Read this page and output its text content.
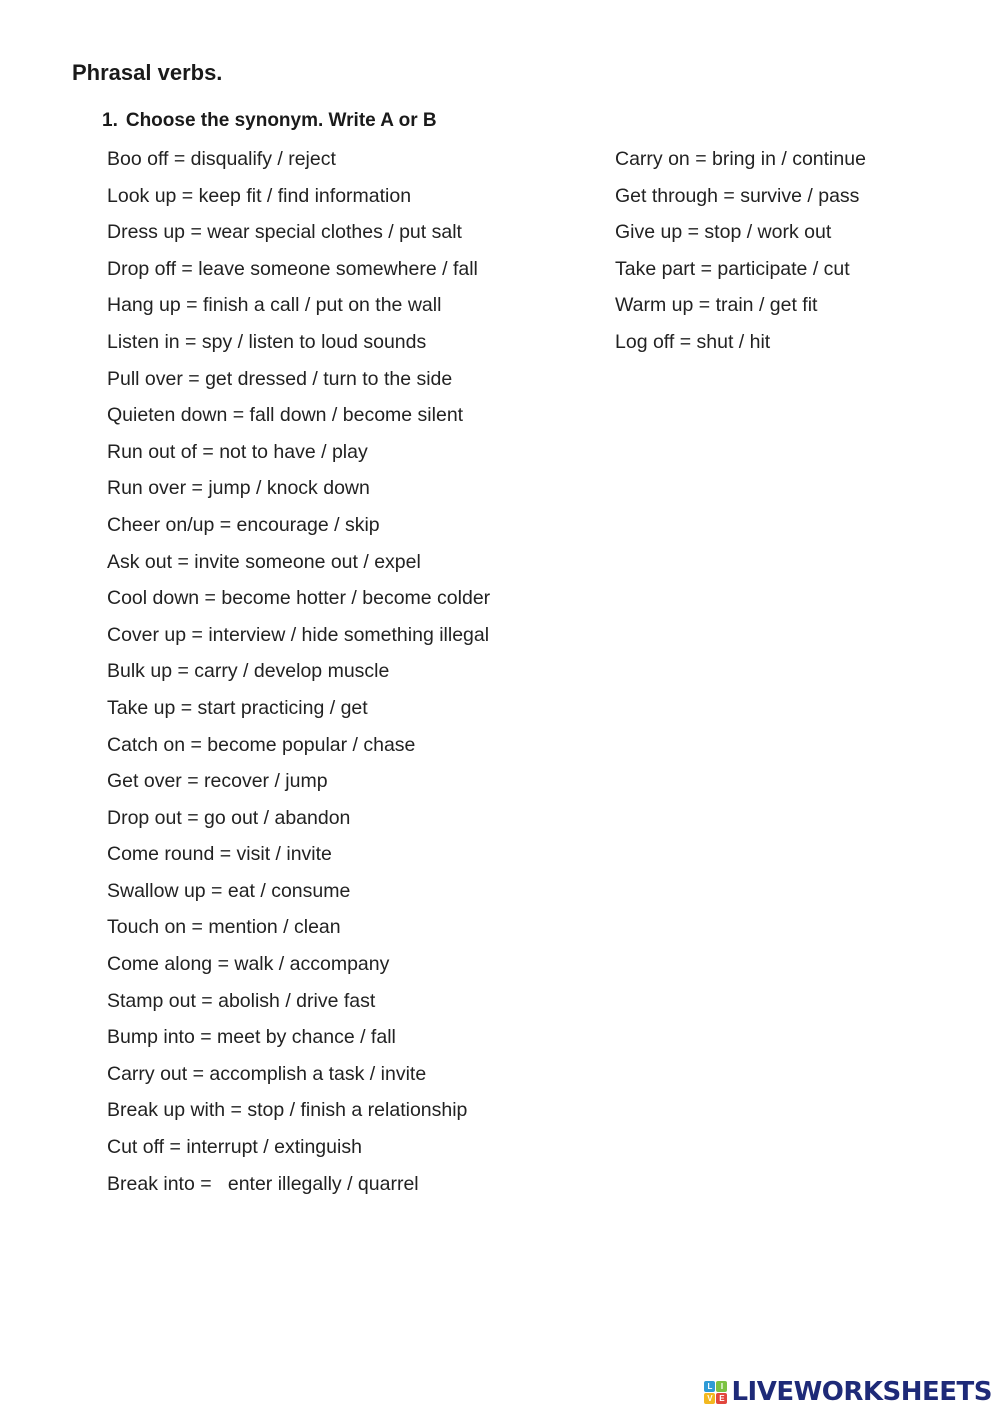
Phrasal verbs.

1. Choose the synonym. Write A or B

Boo off = disqualify / reject
Look up = keep fit / find information
Dress up = wear special clothes / put salt
Drop off = leave someone somewhere / fall
Hang up = finish a call / put on the wall
Listen in = spy / listen to loud sounds
Pull over = get dressed / turn to the side
Quieten down = fall down / become silent
Run out of = not to have / play
Run over = jump / knock down
Cheer on/up = encourage / skip
Ask out = invite someone out / expel
Cool down = become hotter / become colder
Cover up = interview / hide something illegal
Bulk up = carry / develop muscle
Take up = start practicing / get
Catch on = become popular / chase
Get over = recover / jump
Drop out = go out / abandon
Come round = visit / invite
Swallow up = eat / consume
Touch on = mention / clean
Come along = walk / accompany
Stamp out = abolish / drive fast
Bump into = meet by chance / fall
Carry out = accomplish a task / invite
Break up with = stop / finish a relationship
Cut off = interrupt / extinguish
Break into =   enter illegally / quarrel
Carry on = bring in / continue
Get through = survive / pass
Give up = stop / work out
Take part = participate / cut
Warm up = train / get fit
Log off = shut / hit
L	I
V E LIVEWORKSHEETS
